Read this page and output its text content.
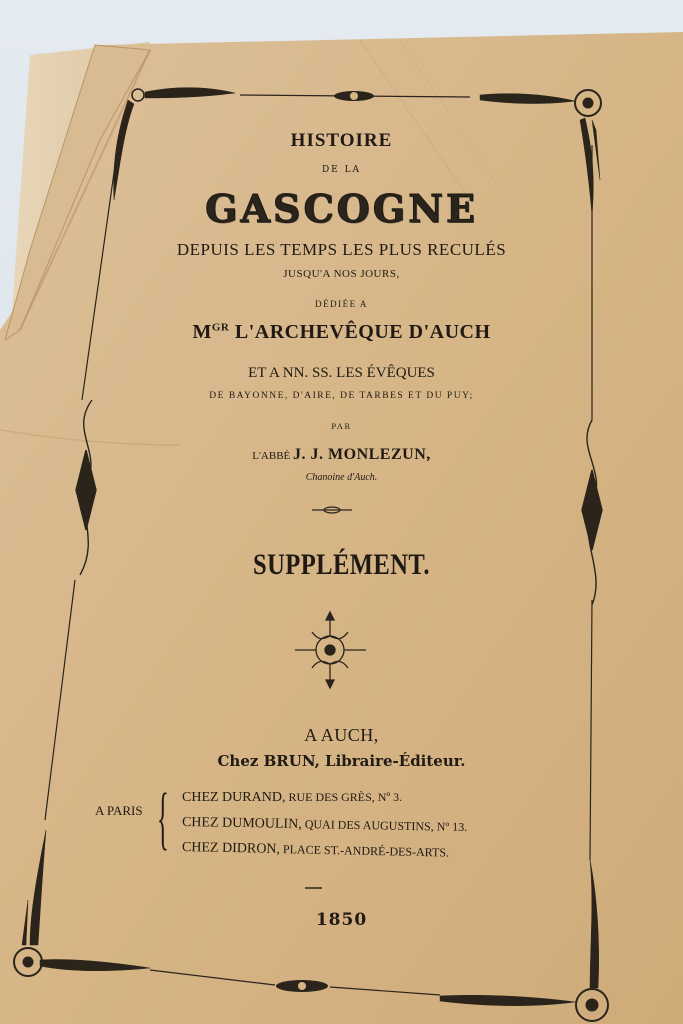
HISTOIRE
DE LA
GASCOGNE
DEPUIS LES TEMPS LES PLUS RECULÉS
JUSQU'A NOS JOURS,
DÉDIÉE A
$M^{GR}$ L'ARCHEVÊQUE D'AUCH
ET A NN. SS. LES ÉVÊQUES
DE BAYONNE, D'AIRE, DE TARBES ET DU PUY;
PAR
L'ABBÉ J. J. MONLEZUN,
Chanoine d'Auch.
SUPPLÉMENT.
A AUCH,
Chez BRUN, Libraire-Éditeur.
A PARIS { CHEZ DURAND, RUE DES GRÈS, Nº 3.
CHEZ DUMOULIN, QUAI DES AUGUSTINS, Nº 13.
CHEZ DIDRON, PLACE ST.-ANDRÉ-DES-ARTS.
1850
